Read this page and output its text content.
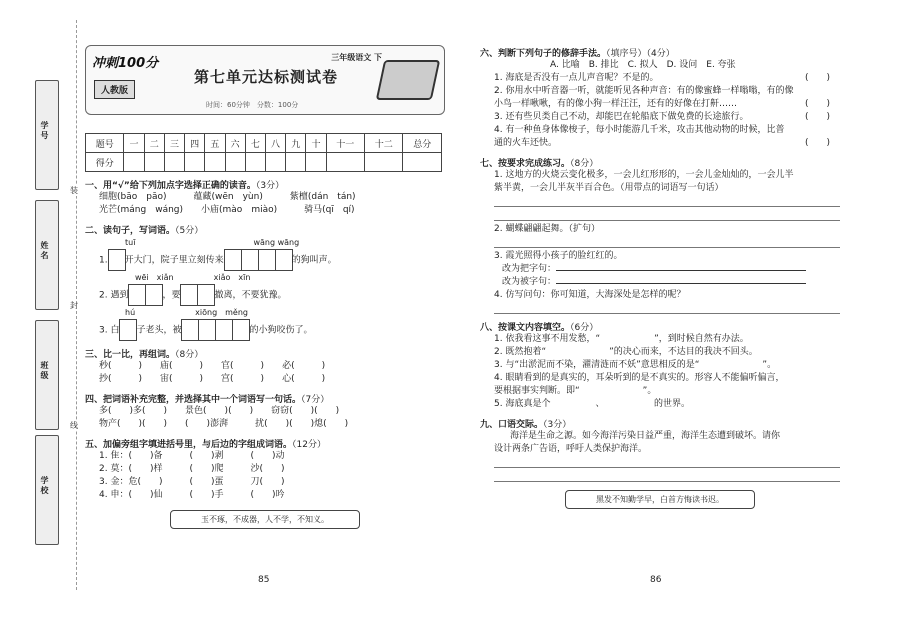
学号
姓名
班级
学校
装
封
线
冲刺100分
人教版
第七单元达标测试卷
三年级语文 下
时间：60分钟　分数：100分
题号	一	二	三	四	五	六	七	八	九	十	十一	十二	总分
得分													
一、用“√”给下列加点字选择正确的读音。（3分）
细胞(bāo　pāo)　　　蕴藏(wēn　yùn)　　　紫檀(dán　tán)
光芒(máng　wáng)　　小庙(mào　miào)　　　骑马(qī　qí)
二、读句子，写词语。（5分）
tuī	wāng wāng
1. 开大门，院子里立刻传来	的狗叫声。
wēi　xiǎn	xiǎo　xīn
2. 遇到	，要	撤离，不要犹豫。
hú	xiōng　měng
3. 白 子老头，被	的小狗咬伤了。
三、比一比，再组词。（8分）
秒(　　　)　　庙(　　　)　　官(　　　)　　必(　　　)
抄(　　　)　　宙(　　　)　　宫(　　　)　　心(　　　)
四、把词语补充完整，并选择其中一个词语写一句话。（7分）
多(　　)多(　　)　　景色(　　)(　　)　　窃窃(　　)(　　)
物产(　　)(　　)　　(　　)澎湃　　　扰(　　)(　　)熄(　　)
五、加偏旁组字填进括号里，与后边的字组成词语。（12分）
1. 隹：(　　)备　　　(　　)剥　　　(　　)动
2. 莫：(　　)样　　　(　　)爬　　　沙(　　)
3. 金：危(　　)　　　(　　)蛋　　　刀(　　)
4. 申：(　　)仙　　　(　　)手　　　(　　)吟
玉不琢，不成器，人不学，不知义。
85
六、判断下列句子的修辞手法。（填序号）（4分）
A. 比喻　B. 排比　C. 拟人　D. 设问　E. 夸张
1. 海底是否没有一点儿声音呢？不是的。	(　　)
2. 你用水中听音器一听，就能听见各种声音：有的像蜜蜂一样嗡嗡，有的像
小鸟一样啾啾，有的像小狗一样汪汪，还有的好像在打鼾……	(　　)
3. 还有些贝类自己不动，却能巴在轮船底下做免费的长途旅行。	(　　)
4. 有一种鱼身体像梭子，每小时能游几千米，攻击其他动物的时候，比普
通的火车还快。	(　　)
七、按要求完成练习。（8分）
1. 这地方的火烧云变化极多，一会儿红形形的，一会儿金灿灿的，一会儿半
紫半黄，一会儿半灰半百合色。（用带点的词语写一句话）
2. 蝴蝶翩翩起舞。（扩句）
3. 霞光照得小孩子的脸红红的。
改为把字句：
改为被字句：
4. 仿写问句：你可知道，大海深处是怎样的呢？
八、按课文内容填空。（6分）
1. 依我看这事不用发愁，“　　　　　　”，到时候自然有办法。
2. 既然抱着“　　　　　　　”的决心而来，不达目的我决不回头。
3. 与“出淤泥而不染，濯清涟而不妖”意思相反的是“　　　　　　　”。
4. 眼睛看到的是真实的，耳朵听到的是不真实的。形容人不能偏听偏言，
要根据事实判断。即“　　　　　　　”。
5. 海底真是个　　　　　、　　　　　　的世界。
九、口语交际。（3分）
海洋是生命之源。如今海洋污染日益严重，海洋生态遭到破坏。请你
设计两条广告语，呼吁人类保护海洋。
黑发不知勤学早，白首方悔读书迟。
86
